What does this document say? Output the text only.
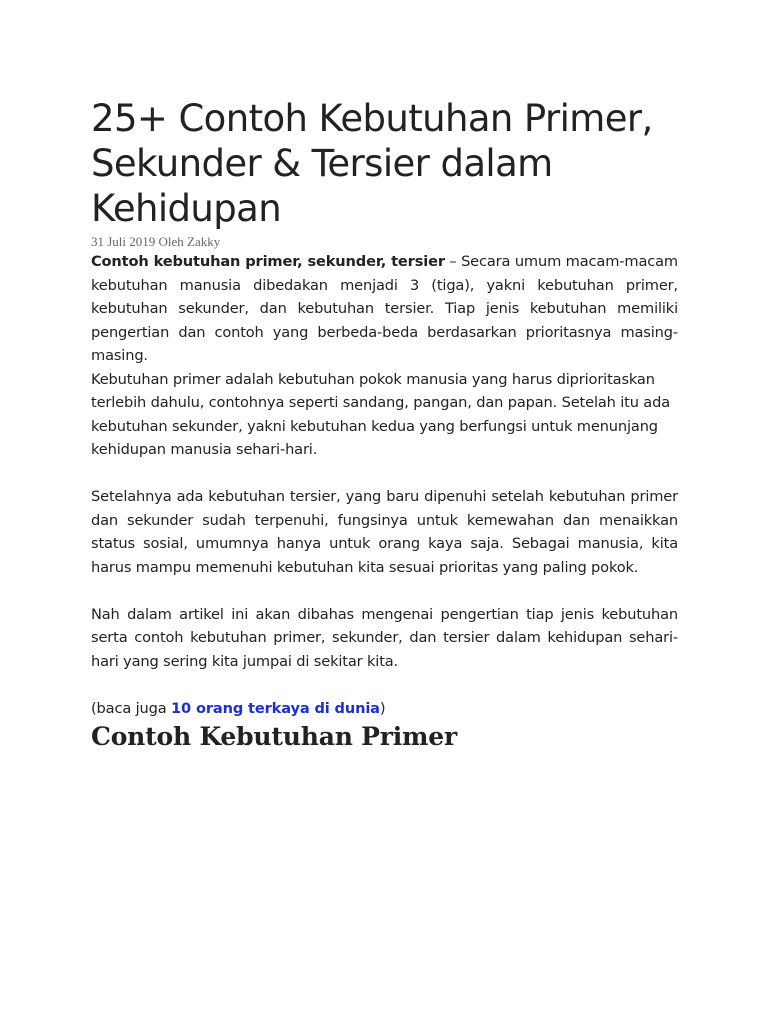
25+ Contoh Kebutuhan Primer, Sekunder & Tersier dalam Kehidupan
31 Juli 2019 Oleh Zakky

Contoh kebutuhan primer, sekunder, tersier – Secara umum macam-macam kebutuhan manusia dibedakan menjadi 3 (tiga), yakni kebutuhan primer, kebutuhan sekunder, dan kebutuhan tersier. Tiap jenis kebutuhan memiliki pengertian dan contoh yang berbeda-beda berdasarkan prioritasnya masing-masing.

Kebutuhan primer adalah kebutuhan pokok manusia yang harus diprioritaskan terlebih dahulu, contohnya seperti sandang, pangan, dan papan. Setelah itu ada kebutuhan sekunder, yakni kebutuhan kedua yang berfungsi untuk menunjang kehidupan manusia sehari-hari.

Setelahnya ada kebutuhan tersier, yang baru dipenuhi setelah kebutuhan primer dan sekunder sudah terpenuhi, fungsinya untuk kemewahan dan menaikkan status sosial, umumnya hanya untuk orang kaya saja. Sebagai manusia, kita harus mampu memenuhi kebutuhan kita sesuai prioritas yang paling pokok.

Nah dalam artikel ini akan dibahas mengenai pengertian tiap jenis kebutuhan serta contoh kebutuhan primer, sekunder, dan tersier dalam kehidupan sehari-hari yang sering kita jumpai di sekitar kita.

(baca juga 10 orang terkaya di dunia)

Contoh Kebutuhan Primer
